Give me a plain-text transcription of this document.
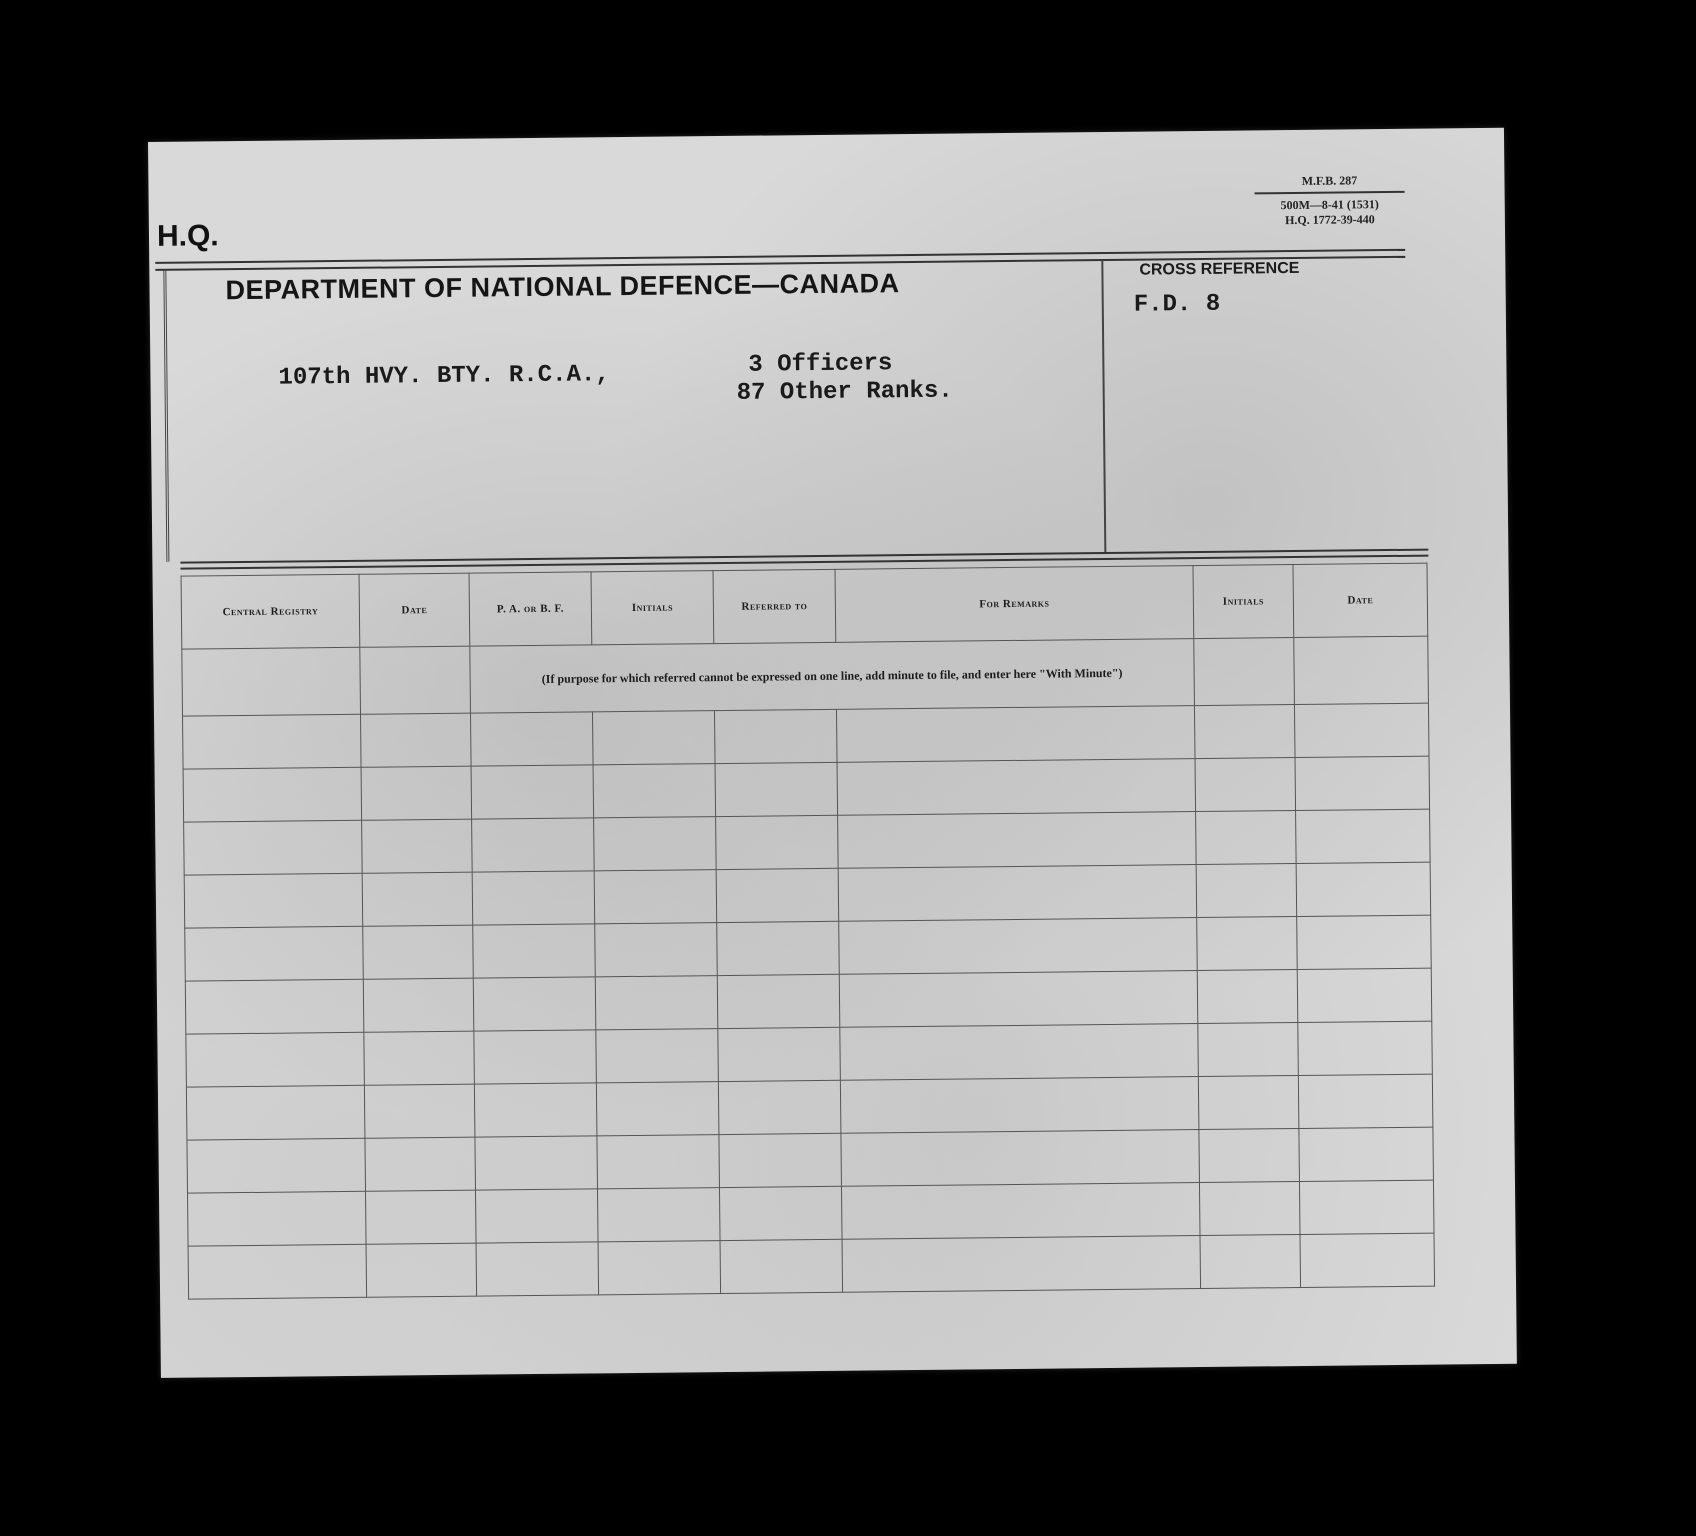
H.Q.
M.F.B. 287
500M—8-41 (1531)
H.Q. 1772-39-440
DEPARTMENT OF NATIONAL DEFENCE—CANADA
107th HVY. BTY. R.C.A.,	3 Officers
87 Other Ranks.
CROSS REFERENCE
F.D. 8
Central Registry	Date	P. A. or B. F.	Initials	Referred to	For Remarks	Initials	Date
		(If purpose for which referred cannot be expressed on one line, add minute to file, and enter here "With Minute")					
